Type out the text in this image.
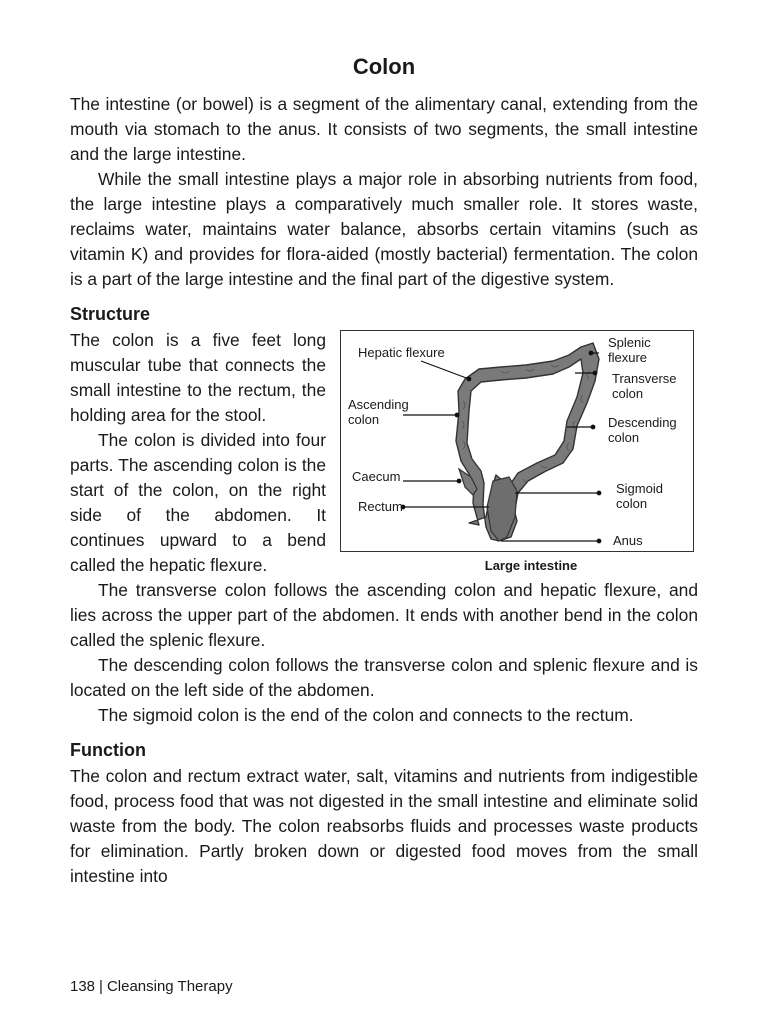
Colon

The intestine (or bowel) is a segment of the alimentary canal, extending from the mouth via stomach to the anus. It consists of two segments, the small intestine and the large intestine.

While the small intestine plays a major role in absorbing nutrients from food, the large intestine plays a comparatively much smaller role. It stores waste, reclaims water, maintains water balance, absorbs certain vitamins (such as vitamin K) and provides for flora-aided (mostly bacterial) fermentation. The colon is a part of the large intestine and the final part of the digestive system.

Structure
Hepatic flexure
Ascending
colon
Caecum
Rectum
Splenic
flexure
Transverse
colon
Descending
colon
Sigmoid
colon
Anus
Large intestine

The colon is a five feet long muscular tube that connects the small intestine to the rectum, the holding area for the stool.

The colon is divided into four parts. The ascending colon is the start of the colon, on the right side of the abdomen. It continues upward to a bend called the hepatic flexure.

The transverse colon follows the ascending colon and hepatic flexure, and lies across the upper part of the abdomen. It ends with another bend in the colon called the splenic flexure.

The descending colon follows the transverse colon and splenic flexure and is located on the left side of the abdomen.

The sigmoid colon is the end of the colon and connects to the rectum.

Function

The colon and rectum extract water, salt, vitamins and nutrients from indigestible food, process food that was not digested in the small intestine and eliminate solid waste from the body. The colon reabsorbs fluids and processes waste products for elimination. Partly broken down or digested food moves from the small intestine into

138 | Cleansing Therapy
